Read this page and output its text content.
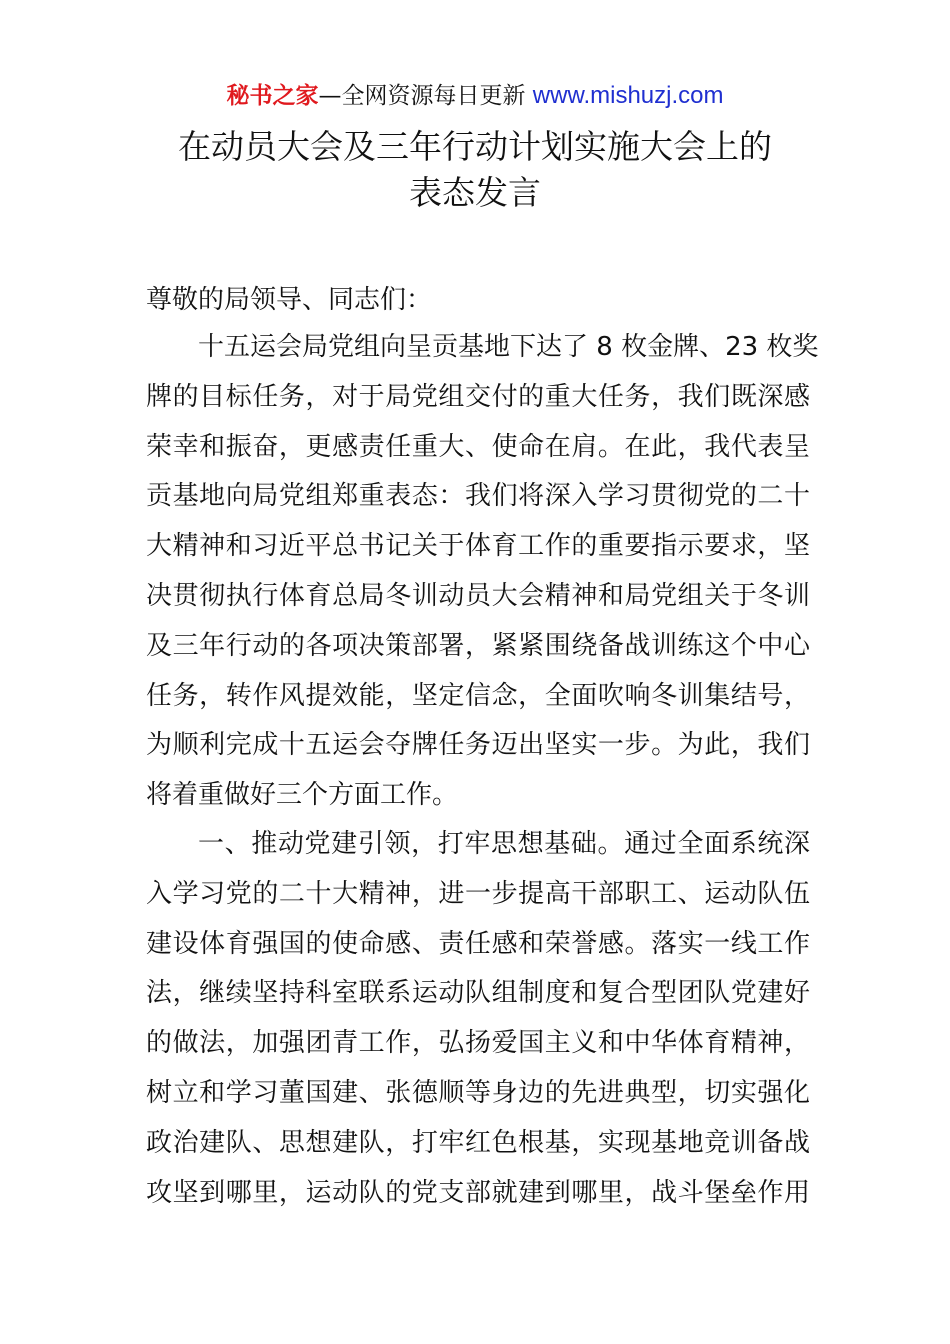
秘书之家—全网资源每日更新 www.mishuzj.com
在动员大会及三年行动计划实施大会上的
表态发言
尊敬的局领导、同志们：
十五运会局党组向呈贡基地下达了 8 枚金牌、23 枚奖
牌的目标任务，对于局党组交付的重大任务，我们既深感
荣幸和振奋，更感责任重大、使命在肩。在此，我代表呈
贡基地向局党组郑重表态：我们将深入学习贯彻党的二十
大精神和习近平总书记关于体育工作的重要指示要求，坚
决贯彻执行体育总局冬训动员大会精神和局党组关于冬训
及三年行动的各项决策部署，紧紧围绕备战训练这个中心
任务，转作风提效能，坚定信念，全面吹响冬训集结号，
为顺利完成十五运会夺牌任务迈出坚实一步。为此，我们
将着重做好三个方面工作。
一、推动党建引领，打牢思想基础。通过全面系统深
入学习党的二十大精神，进一步提高干部职工、运动队伍
建设体育强国的使命感、责任感和荣誉感。落实一线工作
法，继续坚持科室联系运动队组制度和复合型团队党建好
的做法，加强团青工作，弘扬爱国主义和中华体育精神，
树立和学习董国建、张德顺等身边的先进典型，切实强化
政治建队、思想建队，打牢红色根基，实现基地竞训备战
攻坚到哪里，运动队的党支部就建到哪里，战斗堡垒作用
